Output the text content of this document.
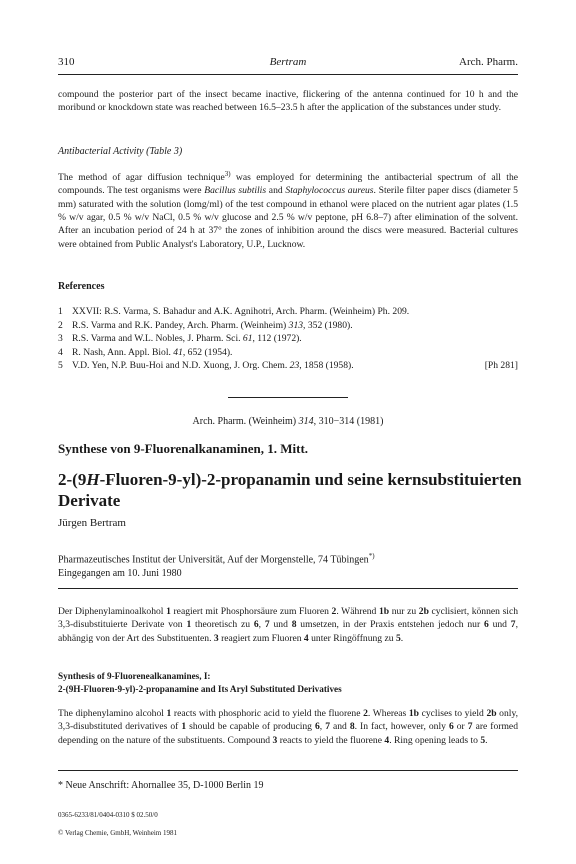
310	Bertram	Arch. Pharm.
compound the posterior part of the insect became inactive, flickering of the antenna continued for 10 h and the moribund or knockdown state was reached between 16.5–23.5 h after the application of the substances under study.
Antibacterial Activity (Table 3)
The method of agar diffusion technique$^{3)}$ was employed for determining the antibacterial spectrum of all the compounds. The test organisms were Bacillus subtilis and Staphylococcus aureus. Sterile filter paper discs (diameter 5 mm) saturated with the solution (lomg/ml) of the test compound in ethanol were placed on the nutrient agar plates (1.5 % w/v agar, 0.5 % w/v NaCl, 0.5 % w/v glucose and 2.5 % w/v peptone, pH 6.8–7) after elimination of the solvent. After an incubation period of 24 h at 37° the zones of inhibition around the discs were measured. Bacterial cultures were obtained from Public Analyst's Laboratory, U.P., Lucknow.
References
1 XXVII: R.S. Varma, S. Bahadur and A.K. Agnihotri, Arch. Pharm. (Weinheim) Ph. 209.
2 R.S. Varma and R.K. Pandey, Arch. Pharm. (Weinheim) 313, 352 (1980).
3 R.S. Varma and W.L. Nobles, J. Pharm. Sci. 61, 112 (1972).
4 R. Nash, Ann. Appl. Biol. 41, 652 (1954).
5 V.D. Yen, N.P. Buu-Hoi and N.D. Xuong, J. Org. Chem. 23, 1858 (1958).	[Ph 281]
Arch. Pharm. (Weinheim) 314, 310−314 (1981)
Synthese von 9-Fluorenalkanaminen, 1. Mitt.
2-(9H-Fluoren-9-yl)-2-propanamin und seine kernsubstituierten Derivate
Jürgen Bertram
Pharmazeutisches Institut der Universität, Auf der Morgenstelle, 74 Tübingen*)
Eingegangen am 10. Juni 1980
Der Diphenylaminoalkohol 1 reagiert mit Phosphorsäure zum Fluoren 2. Während 1b nur zu 2b cyclisiert, können sich 3,3-disubstituierte Derivate von 1 theoretisch zu 6, 7 und 8 umsetzen, in der Praxis entstehen jedoch nur 6 und 7, abhängig von der Art des Substituenten. 3 reagiert zum Fluoren 4 unter Ringöffnung zu 5.
Synthesis of 9-Fluorenealkanamines, I:
2-(9H-Fluoren-9-yl)-2-propanamine and Its Aryl Substituted Derivatives
The diphenylamino alcohol 1 reacts with phosphoric acid to yield the fluorene 2. Whereas 1b cyclises to yield 2b only, 3,3-disubstituted derivatives of 1 should be capable of producing 6, 7 and 8. In fact, however, only 6 or 7 are formed depending on the nature of the substituents. Compound 3 reacts to yield the fluorene 4. Ring opening leads to 5.
* Neue Anschrift: Ahornallee 35, D-1000 Berlin 19
0365-6233/81/0404-0310 $ 02.50/0
© Verlag Chemie, GmbH, Weinheim 1981
